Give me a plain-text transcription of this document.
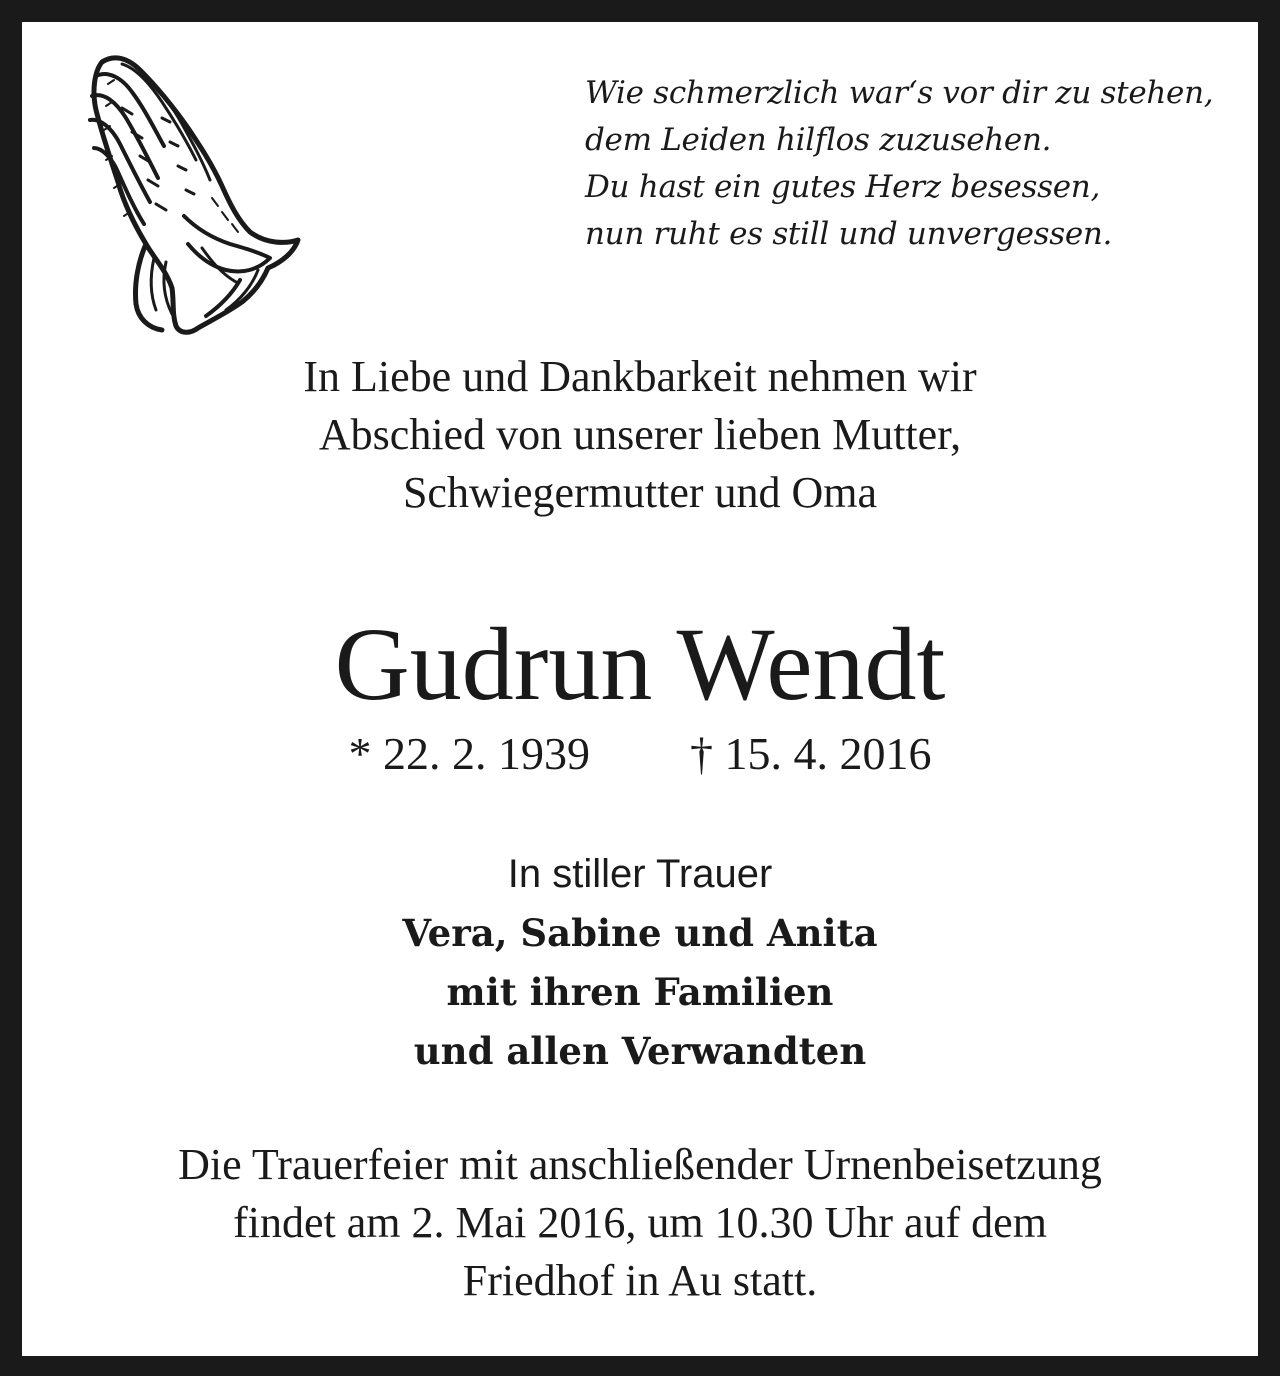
Wie schmerzlich war‘s vor dir zu stehen,
dem Leiden hilflos zuzusehen.
Du hast ein gutes Herz besessen,
nun ruht es still und unvergessen.
In Liebe und Dankbarkeit nehmen wir
Abschied von unserer lieben Mutter,
Schwiegermutter und Oma
Gudrun Wendt
* 22. 2. 1939 † 15. 4. 2016
In stiller Trauer
Vera, Sabine und Anita
mit ihren Familien
und allen Verwandten
Die Trauerfeier mit anschließender Urnenbeisetzung
findet am 2. Mai 2016, um 10.30 Uhr auf dem
Friedhof in Au statt.
